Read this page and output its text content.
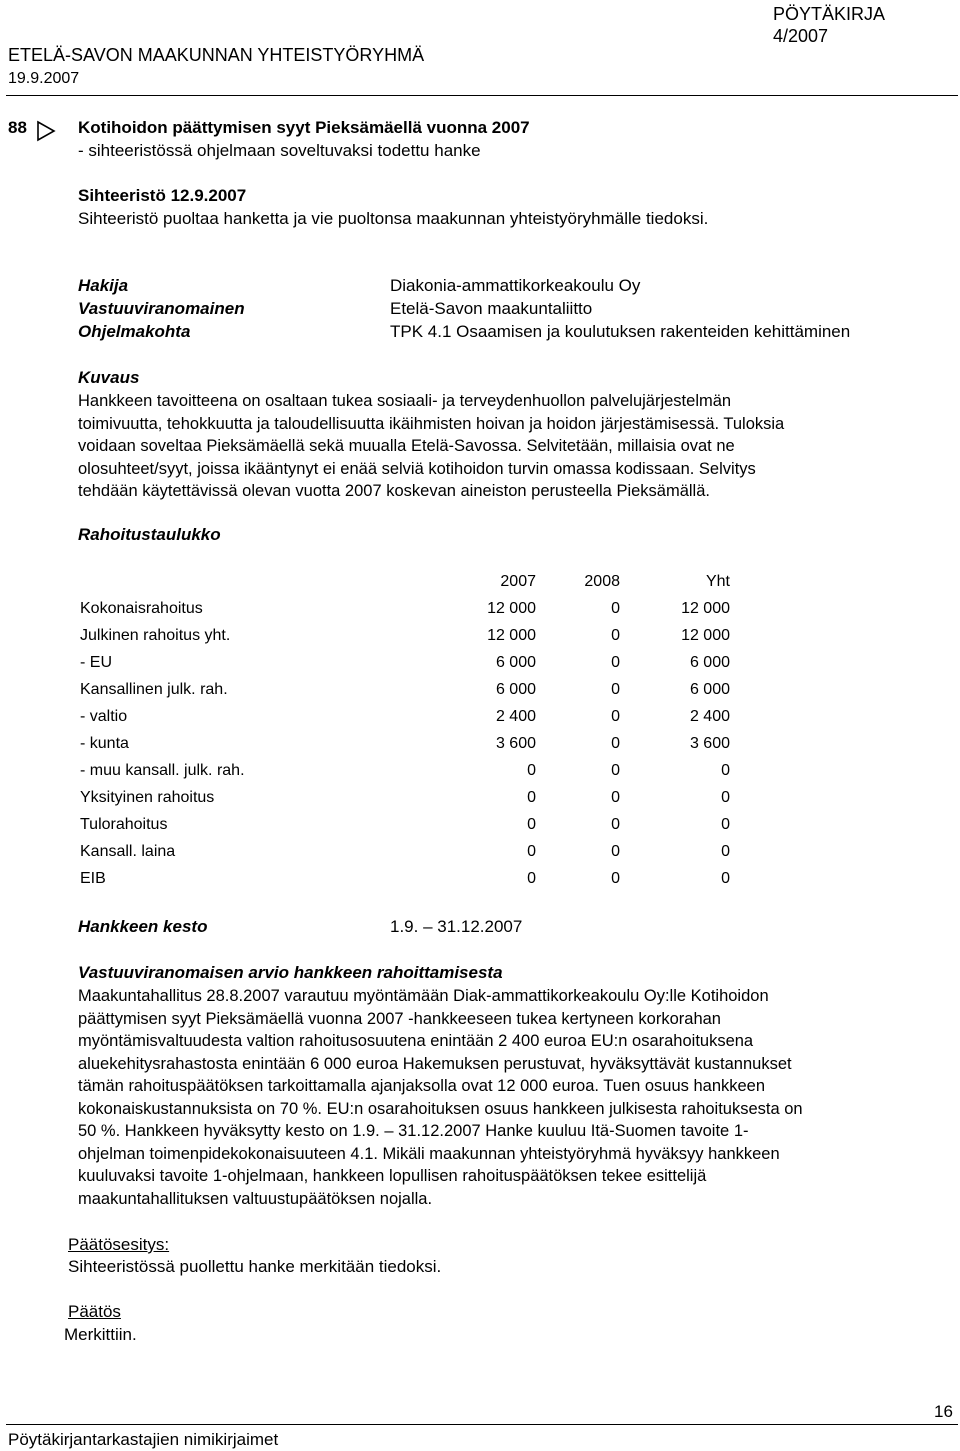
PÖYTÄKIRJA
4/2007
ETELÄ-SAVON MAAKUNNAN YHTEISTYÖRYHMÄ
19.9.2007
88	Kotihoidon päättymisen syyt Pieksämäellä vuonna 2007
- sihteeristössä ohjelmaan soveltuvaksi todettu hanke
Sihteeristö 12.9.2007
Sihteeristö puoltaa hanketta ja vie puoltonsa maakunnan yhteistyöryhmälle tiedoksi.
Hakija	Diakonia-ammattikorkeakoulu Oy
Vastuuviranomainen	Etelä-Savon maakuntaliitto
Ohjelmakohta	TPK 4.1 Osaamisen ja koulutuksen rakenteiden kehittäminen
Kuvaus
Hankkeen tavoitteena on osaltaan tukea sosiaali- ja terveydenhuollon palvelujärjestelmän
toimivuutta, tehokkuutta ja taloudellisuutta ikäihmisten hoivan ja hoidon järjestämisessä. Tuloksia
voidaan soveltaa Pieksämäellä sekä muualla Etelä-Savossa. Selvitetään, millaisia ovat ne
olosuhteet/syyt, joissa ikääntynyt ei enää selviä kotihoidon turvin omassa kodissaan. Selvitys
tehdään käytettävissä olevan vuotta 2007 koskevan aineiston perusteella Pieksämällä.
Rahoitustaulukko
2007	2008	Yht
Kokonaisrahoitus	12 000	0	12 000
Julkinen rahoitus yht.	12 000	0	12 000
- EU	6 000	0	6 000
Kansallinen julk. rah.	6 000	0	6 000
- valtio	2 400	0	2 400
- kunta	3 600	0	3 600
- muu kansall. julk. rah.	0	0	0
Yksityinen rahoitus	0	0	0
Tulorahoitus	0	0	0
Kansall. laina	0	0	0
EIB	0	0	0
Hankkeen kesto	1.9. – 31.12.2007
Vastuuviranomaisen arvio hankkeen rahoittamisesta
Maakuntahallitus 28.8.2007 varautuu myöntämään Diak-ammattikorkeakoulu Oy:lle Kotihoidon
päättymisen syyt Pieksämäellä vuonna 2007 -hankkeeseen tukea kertyneen korkorahan
myöntämisvaltuudesta valtion rahoitusosuutena enintään 2 400 euroa EU:n osarahoituksena
aluekehitysrahastosta enintään 6 000 euroa Hakemuksen perustuvat, hyväksyttävät kustannukset
tämän rahoituspäätöksen tarkoittamalla ajanjaksolla ovat 12 000 euroa. Tuen osuus hankkeen
kokonaiskustannuksista on 70 %. EU:n osarahoituksen osuus hankkeen julkisesta rahoituksesta on
50 %. Hankkeen hyväksytty kesto on 1.9. – 31.12.2007 Hanke kuuluu Itä-Suomen tavoite 1-
ohjelman toimenpidekokonaisuuteen 4.1. Mikäli maakunnan yhteistyöryhmä hyväksyy hankkeen
kuuluvaksi tavoite 1-ohjelmaan, hankkeen lopullisen rahoituspäätöksen tekee esittelijä
maakuntahallituksen valtuustupäätöksen nojalla.
Päätösesitys:
Sihteeristössä puollettu hanke merkitään tiedoksi.
Päätös
Merkittiin.
16
Pöytäkirjantarkastajien nimikirjaimet
